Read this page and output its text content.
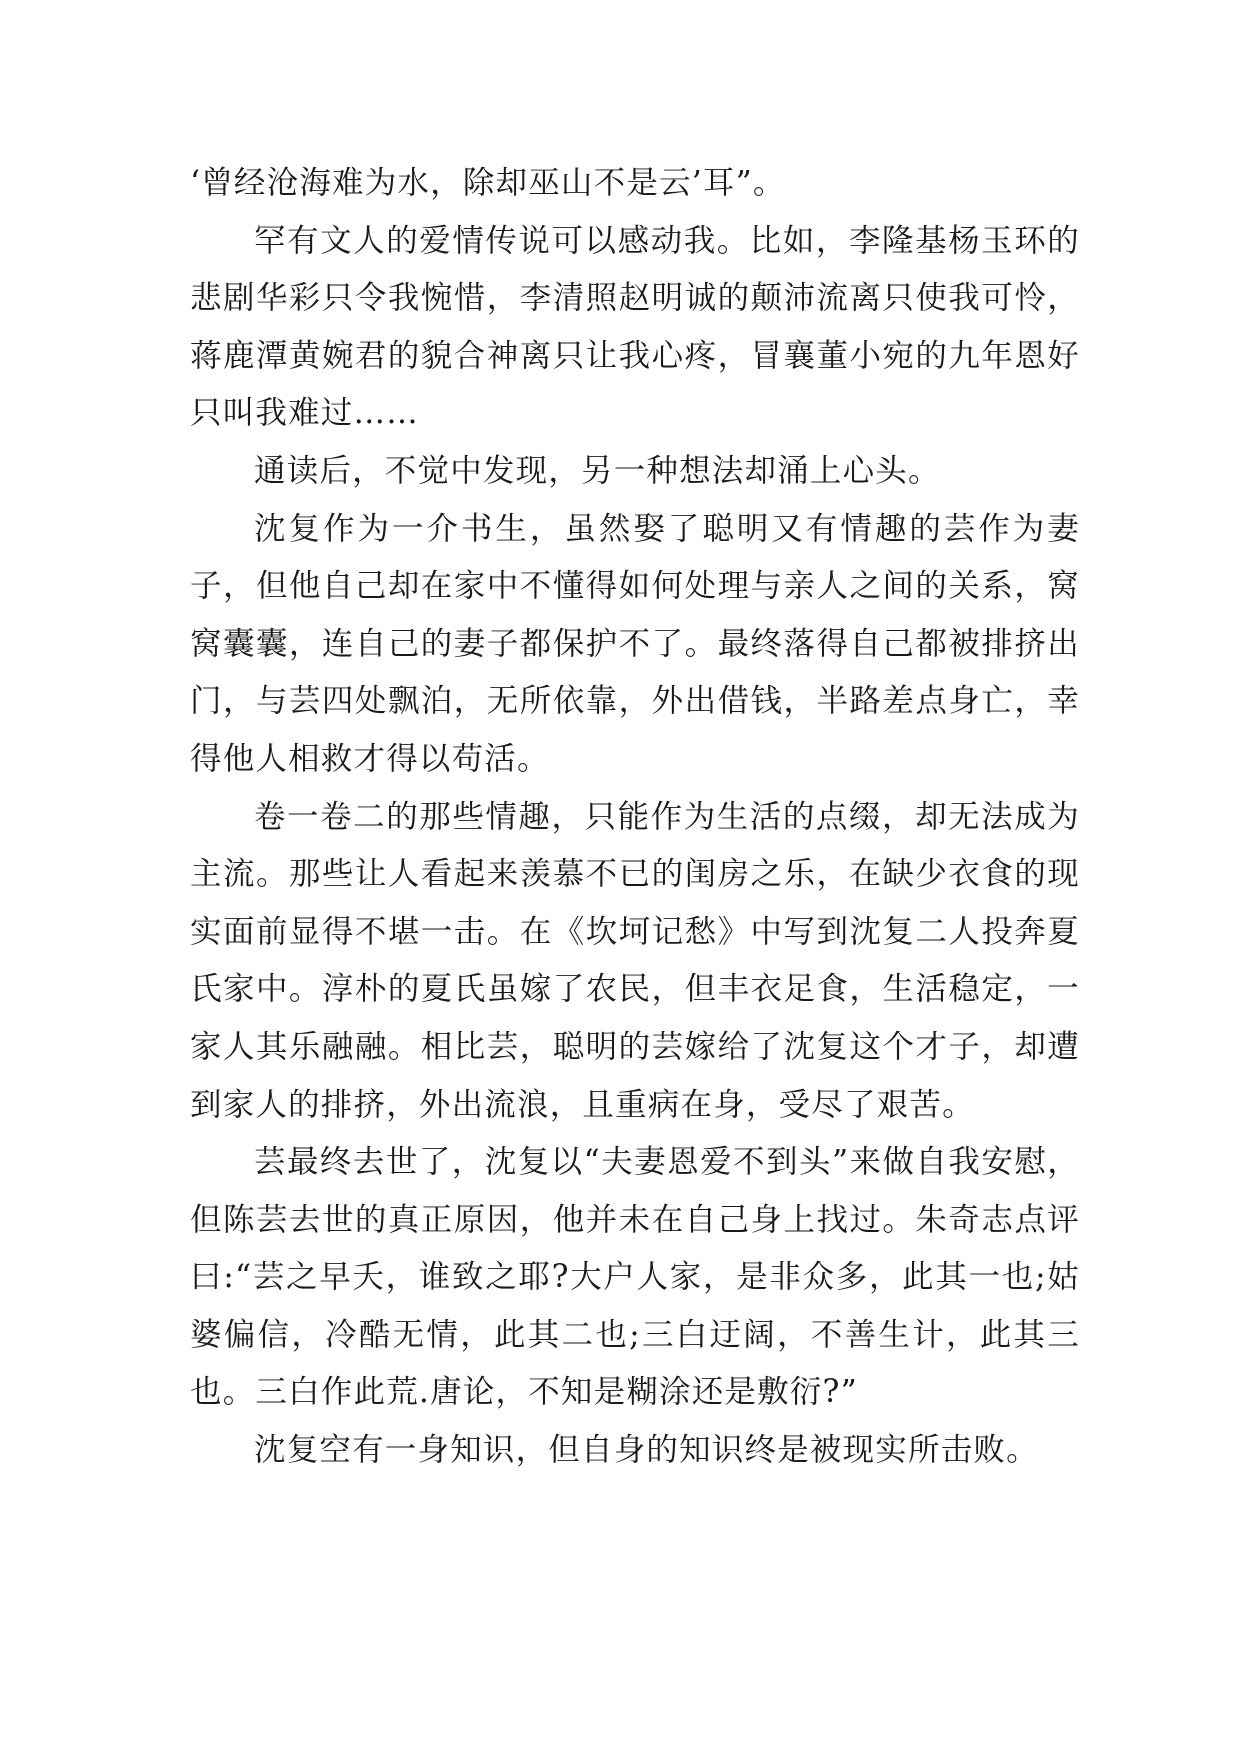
‘曾经沧海难为水，除却巫山不是云’耳”。

罕有文人的爱情传说可以感动我。比如，李隆基杨玉环的悲剧华彩只令我惋惜，李清照赵明诚的颠沛流离只使我可怜，蒋鹿潭黄婉君的貌合神离只让我心疼，冒襄董小宛的九年恩好只叫我难过……

通读后，不觉中发现，另一种想法却涌上心头。

沈复作为一介书生，虽然娶了聪明又有情趣的芸作为妻子，但他自己却在家中不懂得如何处理与亲人之间的关系，窝窝囊囊，连自己的妻子都保护不了。最终落得自己都被排挤出门，与芸四处飘泊，无所依靠，外出借钱，半路差点身亡，幸得他人相救才得以苟活。

卷一卷二的那些情趣，只能作为生活的点缀，却无法成为主流。那些让人看起来羡慕不已的闺房之乐，在缺少衣食的现实面前显得不堪一击。在《坎坷记愁》中写到沈复二人投奔夏氏家中。淳朴的夏氏虽嫁了农民，但丰衣足食，生活稳定，一家人其乐融融。相比芸，聪明的芸嫁给了沈复这个才子，却遭到家人的排挤，外出流浪，且重病在身，受尽了艰苦。

芸最终去世了，沈复以“夫妻恩爱不到头”来做自我安慰，但陈芸去世的真正原因，他并未在自己身上找过。朱奇志点评曰:“芸之早夭，谁致之耶?大户人家，是非众多，此其一也;姑婆偏信，冷酷无情，此其二也;三白迂阔，不善生计，此其三也。三白作此荒.唐论，不知是糊涂还是敷衍?”

沈复空有一身知识，但自身的知识终是被现实所击败。
